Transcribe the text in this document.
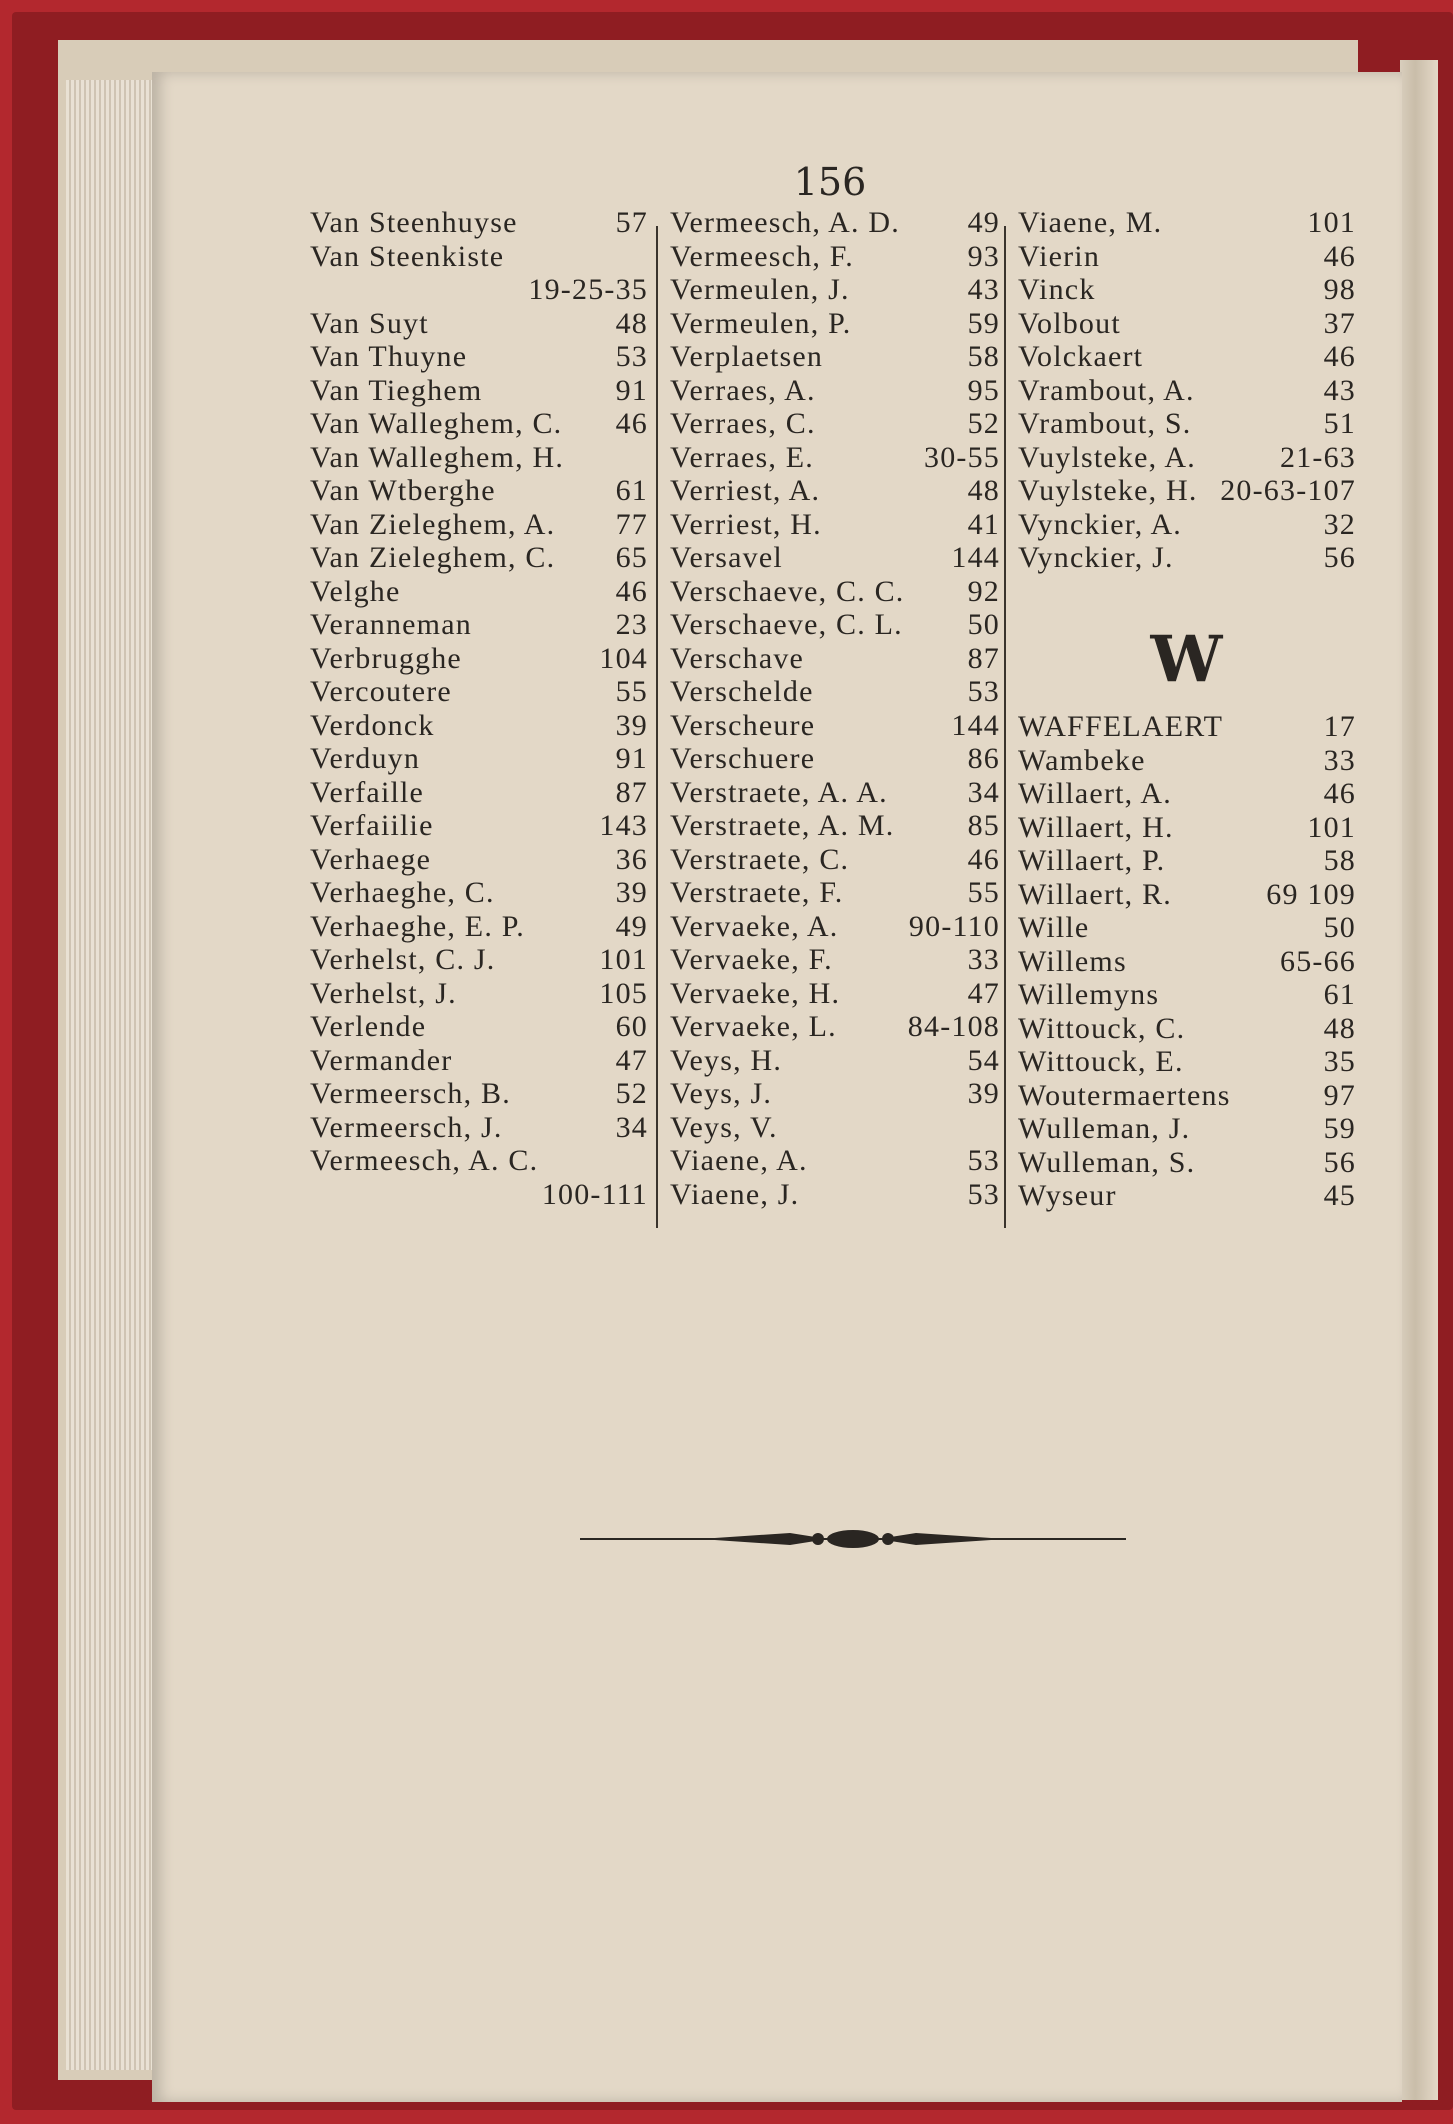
156
Van Steenhuyse	57
Van Steenkiste
19-25-35
Van Suyt	48
Van Thuyne	53
Van Tieghem	91
Van Walleghem, C. 46
Van Walleghem, H.
Van Wtberghe	61
Van Zieleghem, A. 77
Van Zieleghem, C. 65
Velghe	46
Veranneman	23
Verbrugghe	104
Vercoutere	55
Verdonck	39
Verduyn	91
Verfaille	87
Verfaiilie	143
Verhaege	36
Verhaeghe, C.	39
Verhaeghe, E. P.	49
Verhelst, C. J.	101
Verhelst, J.	105
Verlende	60
Vermander	47
Vermeersch, B.	52
Vermeersch, J.	34
Vermeesch, A. C.
100-111
Vermeesch, A. D. 49
Vermeesch, F.	93
Vermeulen, J.	43
Vermeulen, P.	59
Verplaetsen	58
Verraes, A.	95
Verraes, C.	52
Verraes, E.	30-55
Verriest, A.	48
Verriest, H.	41
Versavel	144
Verschaeve, C. C. 92
Verschaeve, C. L. 50
Verschave	87
Verschelde	53
Verscheure	144
Verschuere	86
Verstraete, A. A.	34
Verstraete, A. M. 85
Verstraete, C.	46
Verstraete, F.	55
Vervaeke, A. 90-110
Vervaeke, F.	33
Vervaeke, H.	47
Vervaeke, L. 84-108
Veys, H.	54
Veys, J.	39
Veys, V.
Viaene, A.	53
Viaene, J.	53
Viaene, M.	101
Vierin	46
Vinck	98
Volbout	37
Volckaert	46
Vrambout, A.	43
Vrambout, S.	51
Vuylsteke, A.	21-63
Vuylsteke, H. 20-63-107
Vynckier, A.	32
Vynckier, J.	56
W
WAFFELAERT	17
Wambeke	33
Willaert, A.	46
Willaert, H.	101
Willaert, P.	58
Willaert, R.	69 109
Wille	50
Willems	65-66
Willemyns	61
Wittouck, C.	48
Wittouck, E.	35
Woutermaertens	97
Wulleman, J.	59
Wulleman, S.	56
Wyseur	45
